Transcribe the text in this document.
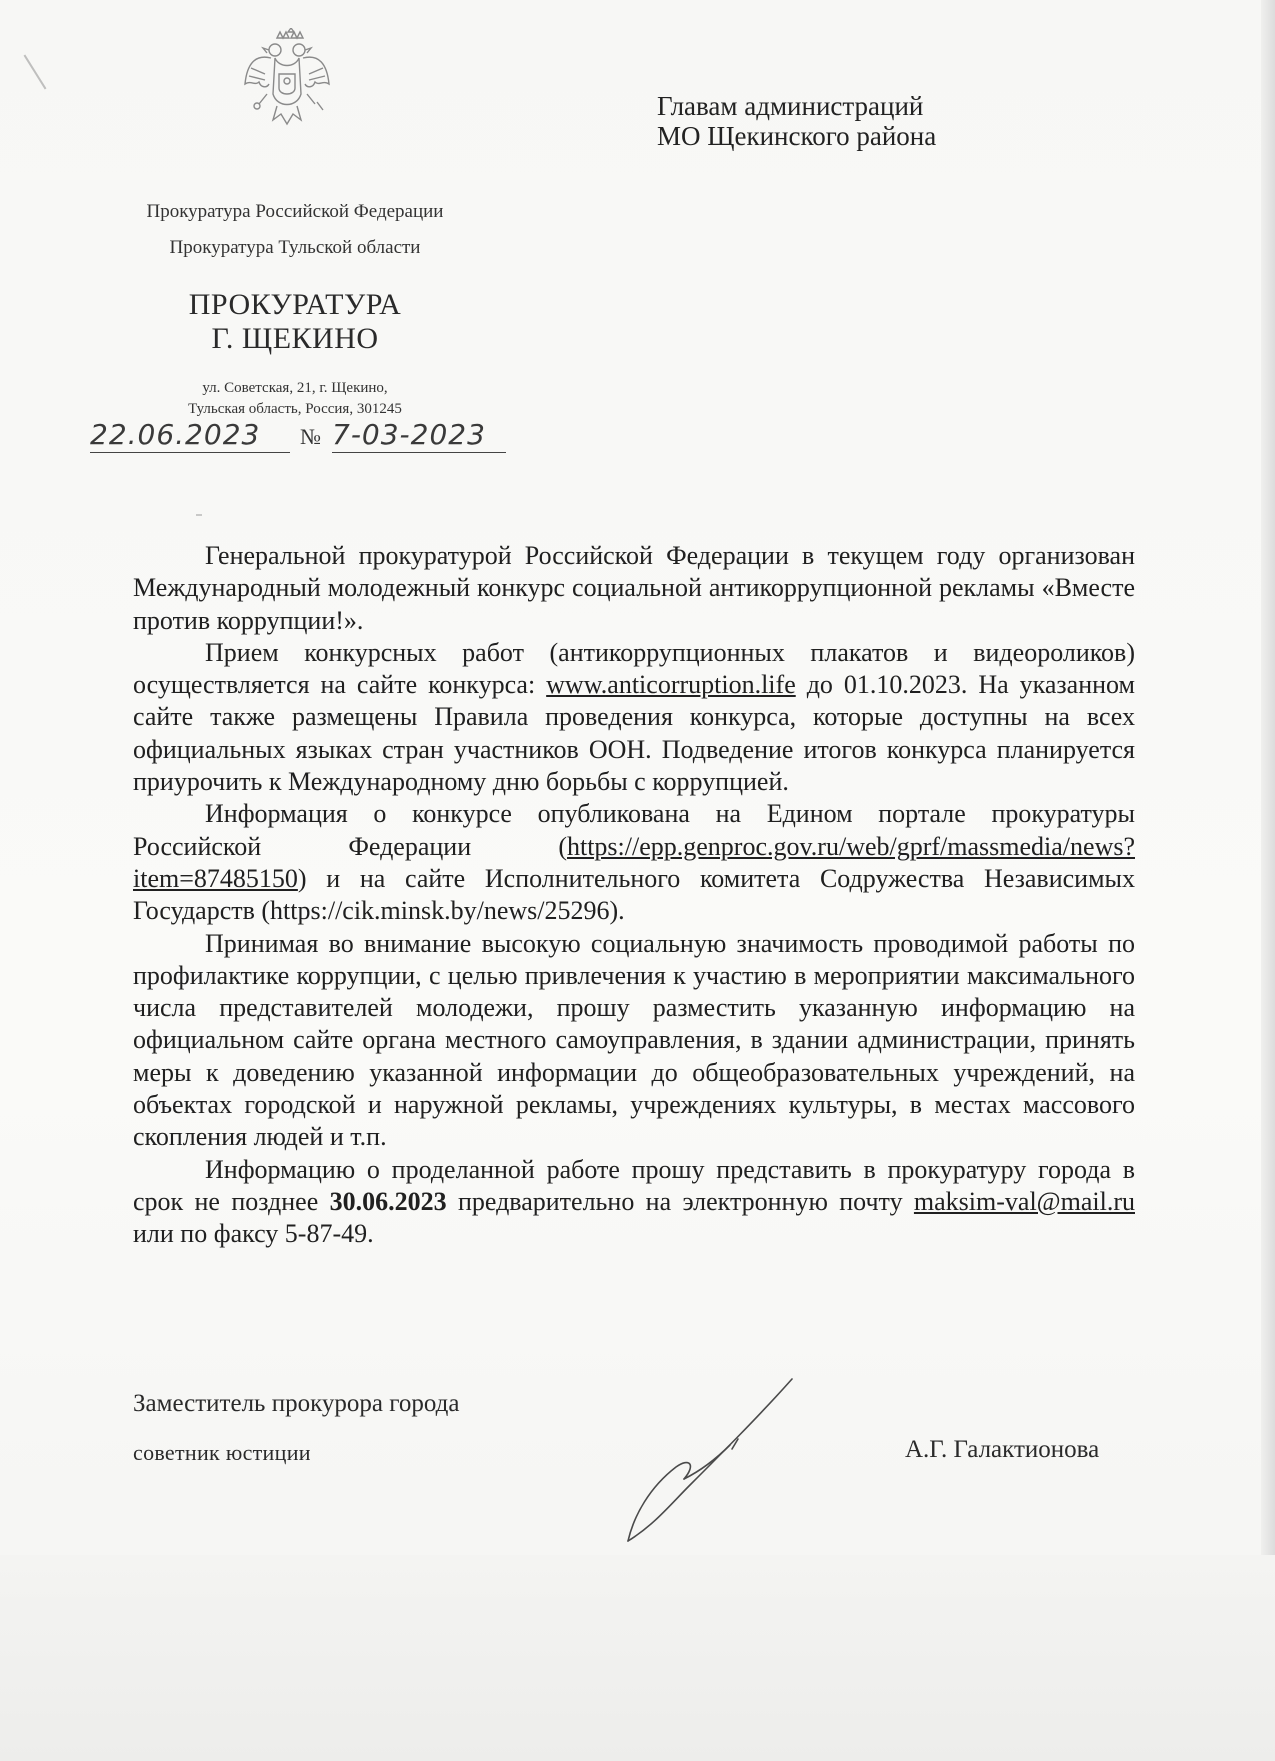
Главам администраций
МО Щекинского района
Прокуратура Российской Федерации
Прокуратура Тульской области
ПРОКУРАТУРА
Г. ЩЕКИНО
ул. Советская, 21, г. Щекино,
Тульская область, Россия, 301245
22.06.2023	№ 7-03-2023

Генеральной прокуратурой Российской Федерации в текущем году организован Международный молодежный конкурс социальной антикоррупционной рекламы «Вместе против коррупции!».

Прием конкурсных работ (антикоррупционных плакатов и видеороликов) осуществляется на сайте конкурса: www.anticorruption.life до 01.10.2023. На указанном сайте также размещены Правила проведения конкурса, которые доступны на всех официальных языках стран участников ООН. Подведение итогов конкурса планируется приурочить к Международному дню борьбы с коррупцией.

Информация о конкурсе опубликована на Едином портале прокуратуры Российской Федерации (https://epp.genproc.gov.ru/web/gprf/massmedia/news?item=87485150) и на сайте Исполнительного комитета Содружества Независимых Государств (https://cik.minsk.by/news/25296).

Принимая во внимание высокую социальную значимость проводимой работы по профилактике коррупции, с целью привлечения к участию в мероприятии максимального числа представителей молодежи, прошу разместить указанную информацию на официальном сайте органа местного самоуправления, в здании администрации, принять меры к доведению указанной информации до общеобразовательных учреждений, на объектах городской и наружной рекламы, учреждениях культуры, в местах массового скопления людей и т.п.

Информацию о проделанной работе прошу представить в прокуратуру города в срок не позднее 30.06.2023 предварительно на электронную почту maksim-val@mail.ru или по факсу 5-87-49.

Заместитель прокурора города
советник юстиции	А.Г. Галактионова
